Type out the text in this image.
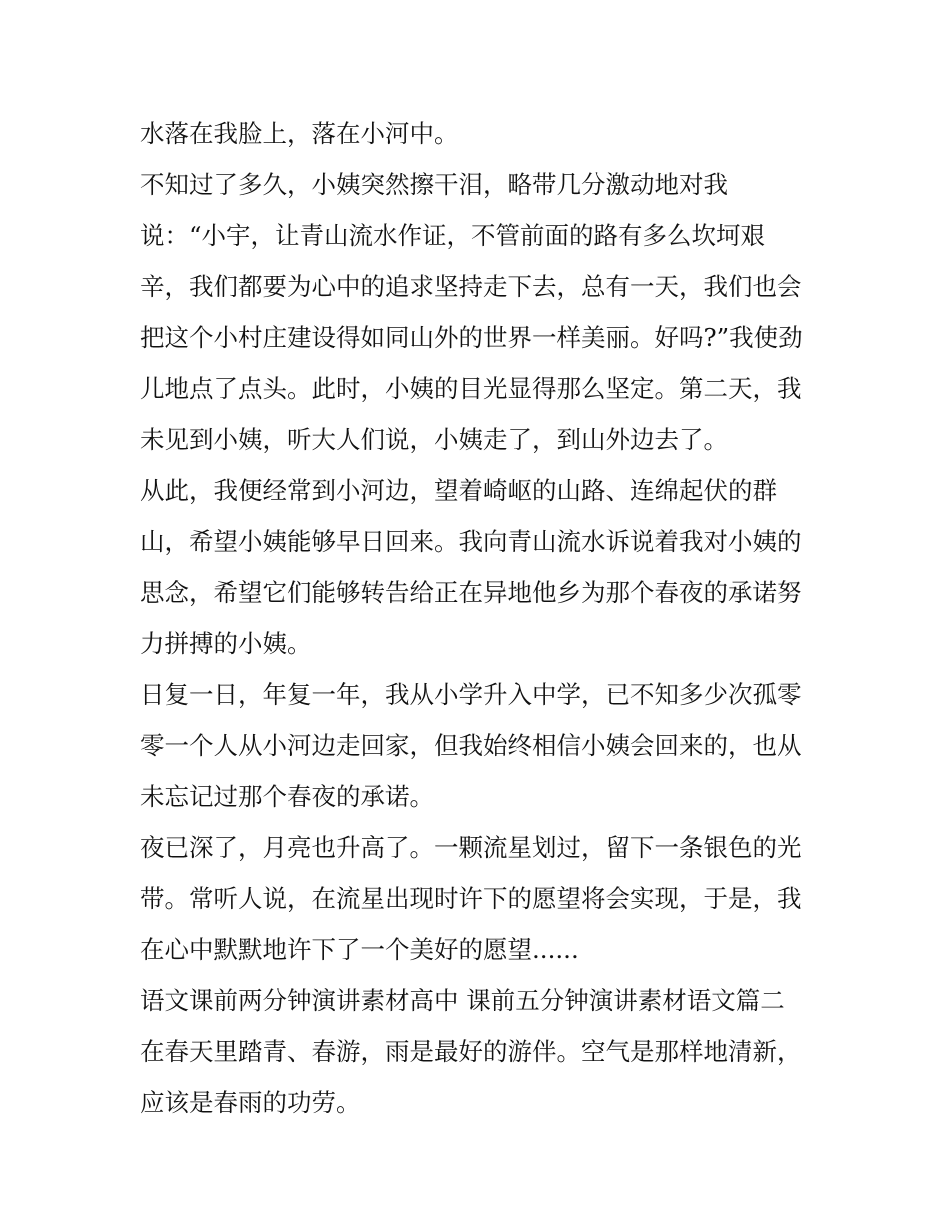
水落在我脸上，落在小河中。
不知过了多久，小姨突然擦干泪，略带几分激动地对我
说：“小宇，让青山流水作证，不管前面的路有多么坎坷艰
辛，我们都要为心中的追求坚持走下去，总有一天，我们也会
把这个小村庄建设得如同山外的世界一样美丽。好吗?”我使劲
儿地点了点头。此时，小姨的目光显得那么坚定。第二天，我
未见到小姨，听大人们说，小姨走了，到山外边去了。
从此，我便经常到小河边，望着崎岖的山路、连绵起伏的群
山，希望小姨能够早日回来。我向青山流水诉说着我对小姨的
思念，希望它们能够转告给正在异地他乡为那个春夜的承诺努
力拼搏的小姨。
日复一日，年复一年，我从小学升入中学，已不知多少次孤零
零一个人从小河边走回家，但我始终相信小姨会回来的，也从
未忘记过那个春夜的承诺。
夜已深了，月亮也升高了。一颗流星划过，留下一条银色的光
带。常听人说，在流星出现时许下的愿望将会实现，于是，我
在心中默默地许下了一个美好的愿望......
语文课前两分钟演讲素材高中 课前五分钟演讲素材语文篇二
在春天里踏青、春游，雨是最好的游伴。空气是那样地清新，
应该是春雨的功劳。
